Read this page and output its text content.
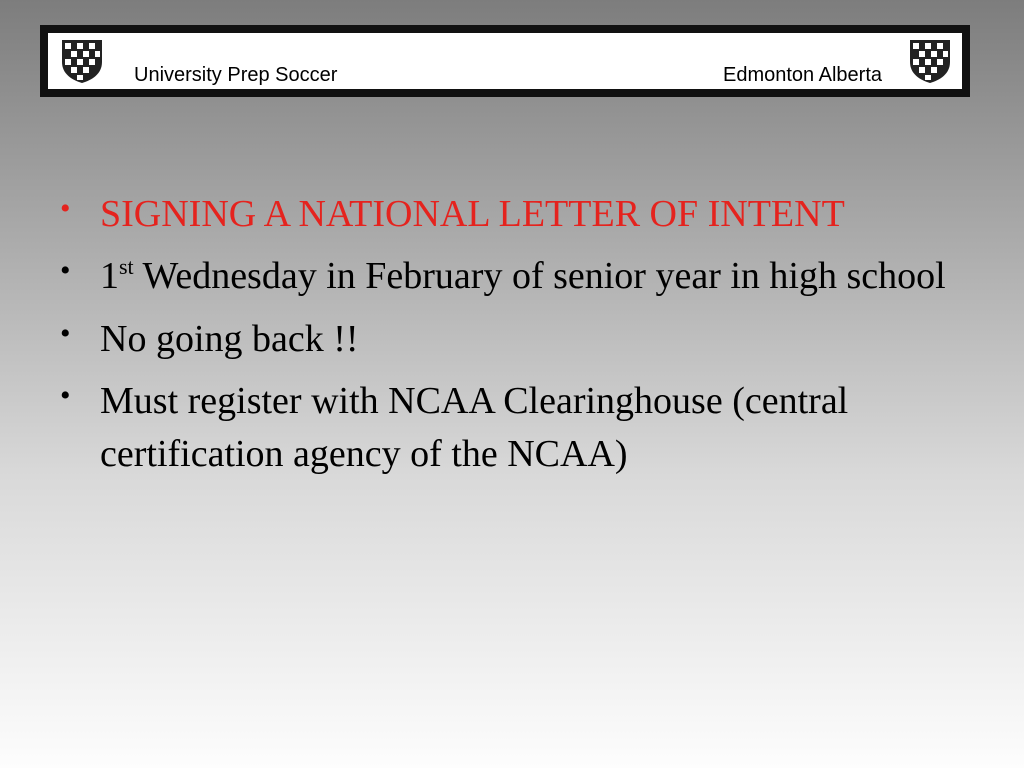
University Prep Soccer	Edmonton Alberta
• SIGNING A NATIONAL LETTER OF INTENT
• 1st Wednesday in February of senior year in high school
• No going back !!
• Must register with NCAA Clearinghouse (central certification agency of the NCAA)
